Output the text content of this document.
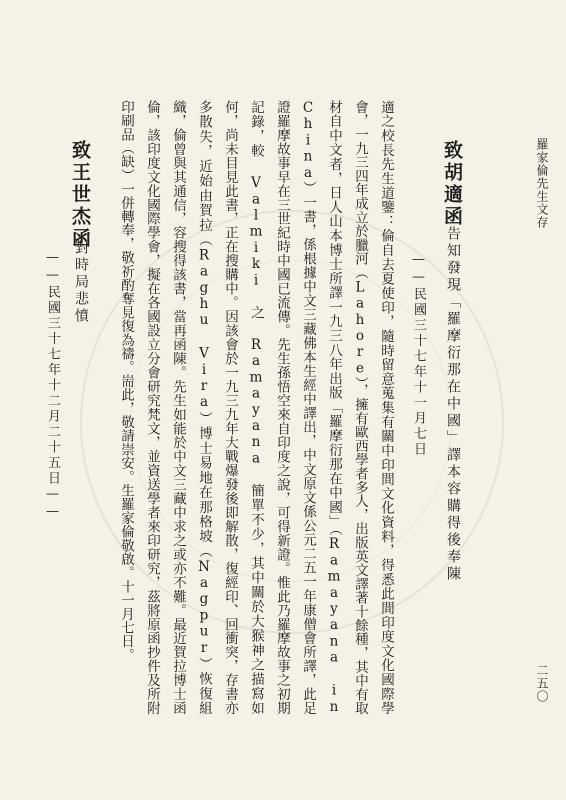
羅家倫先生文存
二五〇
致胡適函
告知發現「羅摩衍那在中國」譯本容購得後奉陳
——民國三十七年十一月七日

適之校長先生道鑒：倫自去夏使印，隨時留意蒐集有關中印間文化資料，得悉此間印度文化國際學會，一九三四年成立於臘河（Lahore），擁有歐西學者多人，出版英文譯著十餘種，其中有取材自中文者，日人山本博士所譯一九三八年出版「羅摩衍那在中國」（Ramayana in China）一書，係根據中文三藏佛本生經中譯出，中文原文係公元二五一年康僧會所譯，此足證羅摩故事早在三世紀時中國已流傳。先生孫悟空來自印度之說，可得新證。惟此乃羅摩故事之初期記錄，較 Valmiki 之 Ramayana 簡單不少，其中關於大猴神之描寫如何，尚未目見此書，正在搜購中。因該會於一九三九年大戰爆發後即解散，復經印、回衝突，存書亦多散失，近始由賀拉（Raghu Vira）博士易地在那格坡（Nagpur）恢復組織，倫曾與其通信，容搜得該書，當再函陳。先生如能於中文三藏中求之或亦不難。最近賀拉博士函倫，該印度文化國際學會，擬在各國設立分會研究梵文，並資送學者來印研究，茲將原函抄件及所附印刷品（缺）一併轉奉，敬祈酌奪見復為禱。耑此，敬請崇安。生羅家倫敬啟。十一月七日。

致王世杰函
對時局悲憤
——民國三十七年十二月二十五日——
